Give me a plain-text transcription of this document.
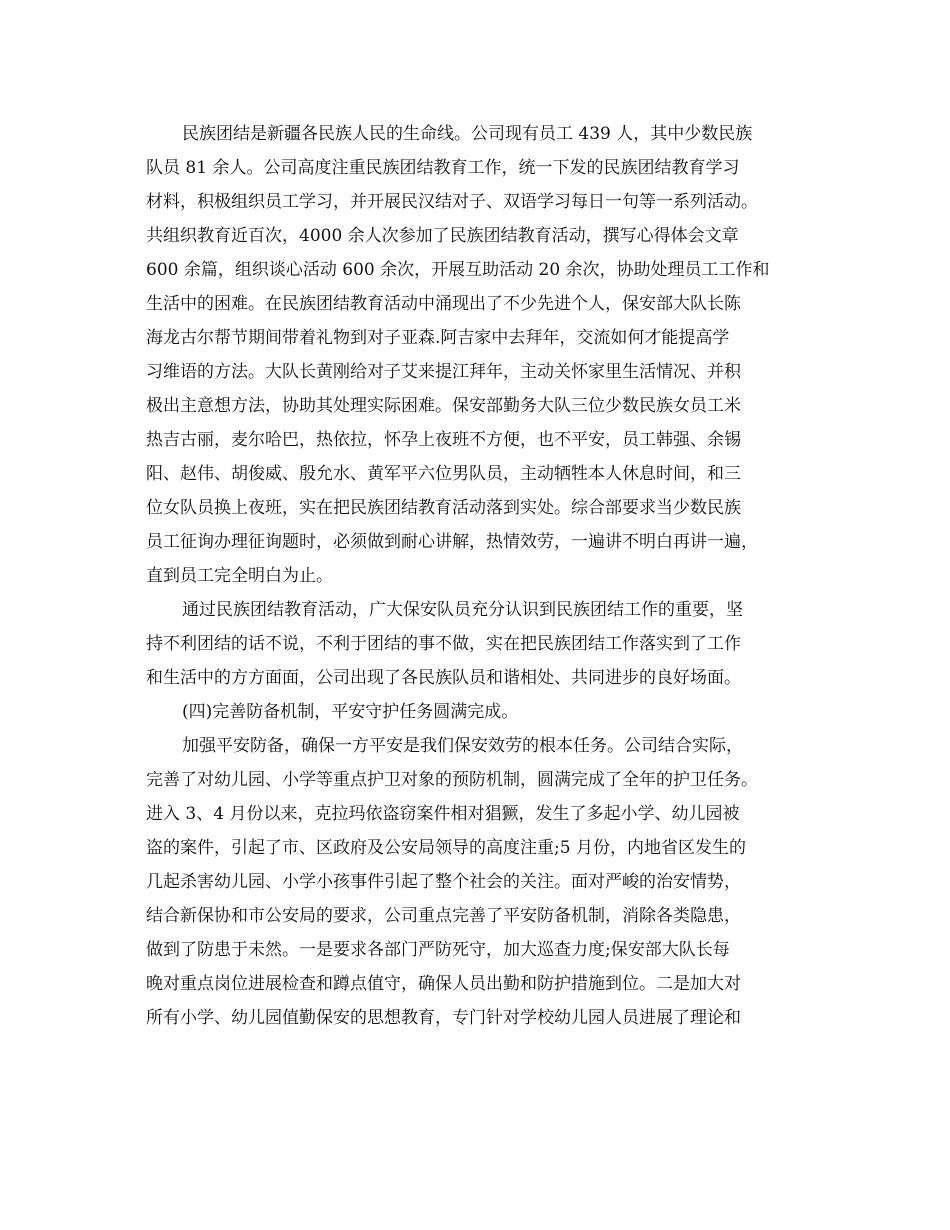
民族团结是新疆各民族人民的生命线。公司现有员工 439 人，其中少数民族
队员 81 余人。公司高度注重民族团结教育工作，统一下发的民族团结教育学习
材料，积极组织员工学习，并开展民汉结对子、双语学习每日一句等一系列活动。
共组织教育近百次，4000 余人次参加了民族团结教育活动，撰写心得体会文章
600 余篇，组织谈心活动 600 余次，开展互助活动 20 余次，协助处理员工工作和
生活中的困难。在民族团结教育活动中涌现出了不少先进个人，保安部大队长陈
海龙古尔帮节期间带着礼物到对子亚森.阿吉家中去拜年，交流如何才能提高学
习维语的方法。大队长黄刚给对子艾来提江拜年，主动关怀家里生活情况、并积
极出主意想方法，协助其处理实际困难。保安部勤务大队三位少数民族女员工米
热吉古丽，麦尔哈巴，热依拉，怀孕上夜班不方便，也不平安，员工韩强、余锡
阳、赵伟、胡俊威、殷允水、黄军平六位男队员，主动牺牲本人休息时间，和三
位女队员换上夜班，实在把民族团结教育活动落到实处。综合部要求当少数民族
员工征询办理征询题时，必须做到耐心讲解，热情效劳，一遍讲不明白再讲一遍，
直到员工完全明白为止。
通过民族团结教育活动，广大保安队员充分认识到民族团结工作的重要，坚
持不利团结的话不说，不利于团结的事不做，实在把民族团结工作落实到了工作
和生活中的方方面面，公司出现了各民族队员和谐相处、共同进步的良好场面。
(四)完善防备机制，平安守护任务圆满完成。
加强平安防备，确保一方平安是我们保安效劳的根本任务。公司结合实际，
完善了对幼儿园、小学等重点护卫对象的预防机制，圆满完成了全年的护卫任务。
进入 3、4 月份以来，克拉玛依盗窃案件相对猖獗，发生了多起小学、幼儿园被
盗的案件，引起了市、区政府及公安局领导的高度注重;5 月份，内地省区发生的
几起杀害幼儿园、小学小孩事件引起了整个社会的关注。面对严峻的治安情势，
结合新保协和市公安局的要求，公司重点完善了平安防备机制，消除各类隐患，
做到了防患于未然。一是要求各部门严防死守，加大巡查力度;保安部大队长每
晚对重点岗位进展检查和蹲点值守，确保人员出勤和防护措施到位。二是加大对
所有小学、幼儿园值勤保安的思想教育，专门针对学校幼儿园人员进展了理论和
